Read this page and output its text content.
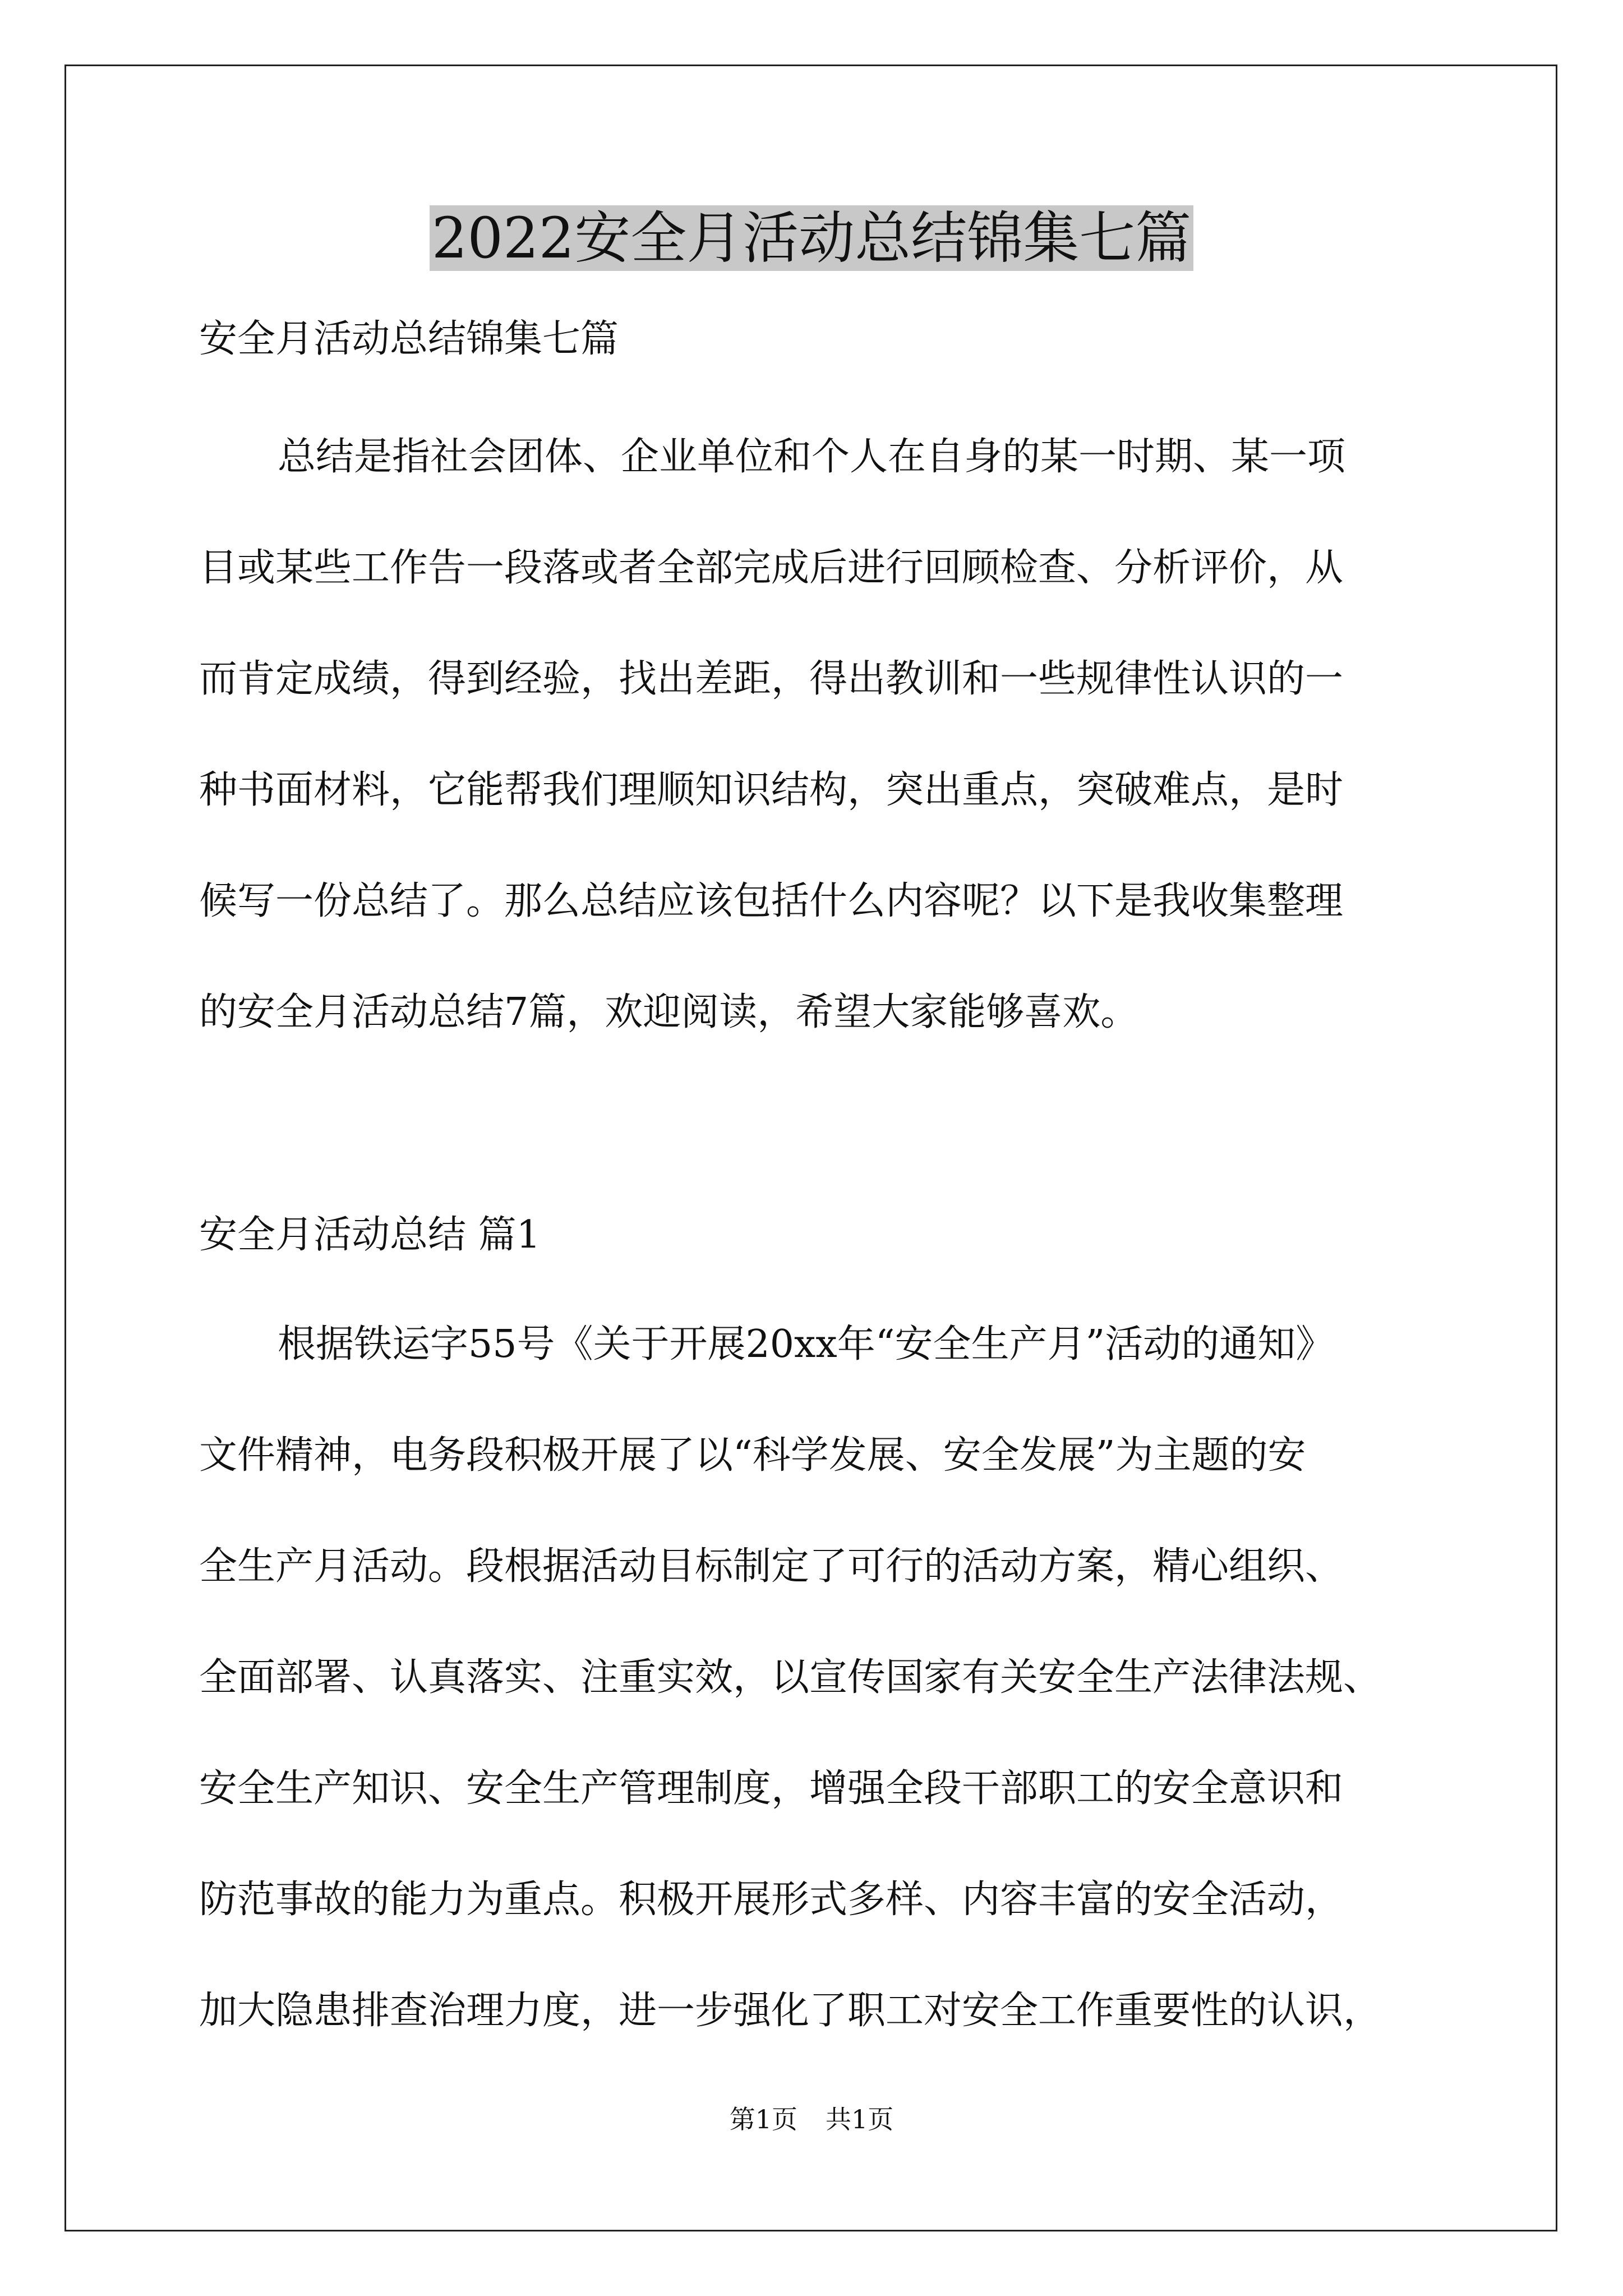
2022安全月活动总结锦集七篇
安全月活动总结锦集七篇
总结是指社会团体、企业单位和个人在自身的某一时期、某一项
目或某些工作告一段落或者全部完成后进行回顾检查、分析评价，从
而肯定成绩，得到经验，找出差距，得出教训和一些规律性认识的一
种书面材料，它能帮我们理顺知识结构，突出重点，突破难点，是时
候写一份总结了。那么总结应该包括什么内容呢？以下是我收集整理
的安全月活动总结7篇，欢迎阅读，希望大家能够喜欢。
安全月活动总结 篇1
根据铁运字55号《关于开展20xx年“安全生产月”活动的通知》
文件精神，电务段积极开展了以“科学发展、安全发展”为主题的安
全生产月活动。段根据活动目标制定了可行的活动方案，精心组织、
全面部署、认真落实、注重实效，以宣传国家有关安全生产法律法规、
安全生产知识、安全生产管理制度，增强全段干部职工的安全意识和
防范事故的能力为重点。积极开展形式多样、内容丰富的安全活动，
加大隐患排查治理力度，进一步强化了职工对安全工作重要性的认识，
第1页 共1页
